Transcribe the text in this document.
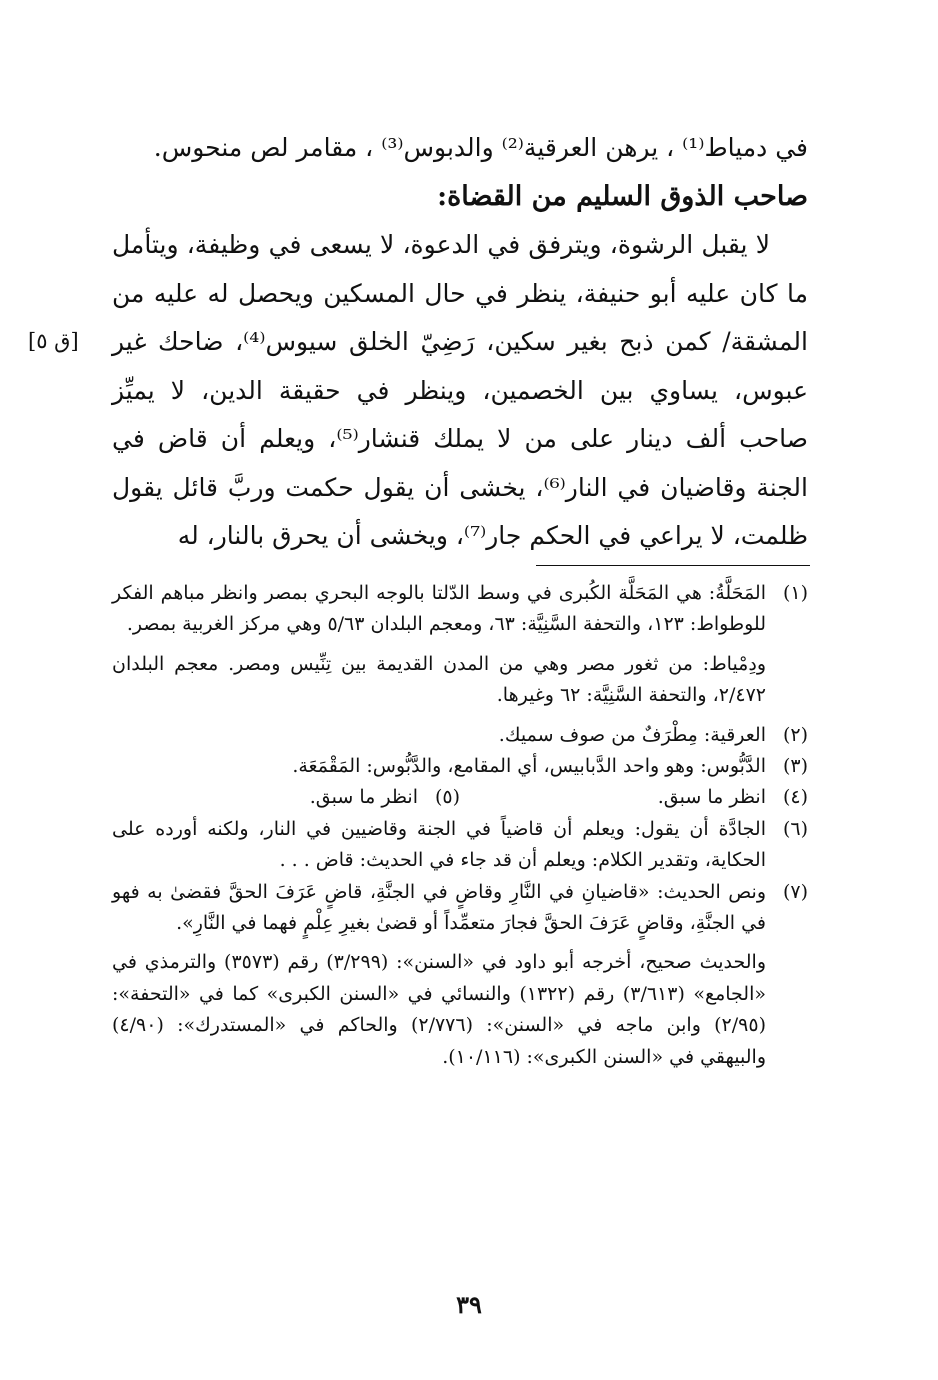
في دمياط⁽¹⁾ ، يرهن العرقية⁽²⁾ والدبوس⁽³⁾ ، مقامر لص منحوس.

صاحب الذوق السليم من القضاة:

لا يقبل الرشوة، ويترفق في الدعوة، لا يسعى في وظيفة، ويتأمل ما كان عليه أبو حنيفة، ينظر في حال المسكين ويحصل له عليه من المشقة/ كمن ذبح بغير سكين، رَضِيّ الخلق سيوس⁽⁴⁾، ضاحك غير عبوس، يساوي بين الخصمين، وينظر في حقيقة الدين، لا يميِّز صاحب ألف دينار على من لا يملك قنشار⁽⁵⁾، ويعلم أن قاض في الجنة وقاضيان في النار⁽⁶⁾، يخشى أن يقول حكمت وربَّ قائل يقول ظلمت، لا يراعي في الحكم جار⁽⁷⁾، ويخشى أن يحرق بالنار، له

[ق ٥]
(١)
المَحَلَّةُ: هي المَحَلَّة الكُبرى في وسط الدّلتا بالوجه البحري بمصر وانظر مباهم الفكر للوطواط: ١٢٣، والتحفة السَّنِيَّة: ٦٣، ومعجم البلدان ٥/٦٣ وهي مركز الغربية بمصر.
ودِمْياط: من ثغور مصر وهي من المدن القديمة بين تِنِّيس ومصر. معجم البلدان ٢/٤٧٢، والتحفة السَّنِيَّة: ٦٢ وغيرها.
(٢)
العرقية: مِطْرَفٌ من صوف سميك.
(٣)
الدَّبُّوس: وهو واحد الدَّبابيس، أي المقامع، والدَّبُّوس: المَقْمَعَة.
(٤)
انظر ما سبق.
(٥)
انظر ما سبق.
(٦)
الجادَّة أن يقول: ويعلم أن قاضياً في الجنة وقاضيين في النار، ولكنه أورده على الحكاية، وتقدير الكلام: ويعلم أن قد جاء في الحديث: قاض . . .
(٧)
ونص الحديث: «قاضيانِ في النَّارِ وقاضٍ في الجنَّةِ، قاضٍ عَرَفَ الحقَّ فقضىٰ به فهو في الجنَّةِ، وقاضٍ عَرَفَ الحقَّ فجارَ متعمِّداً أو قضىٰ بغيرِ عِلْمٍ فهما في النَّارِ».
والحديث صحيح، أخرجه أبو داود في «السنن»: (٣/٢٩٩) رقم (٣٥٧٣) والترمذي في «الجامع» (٣/٦١٣) رقم (١٣٢٢) والنسائي في «السنن الكبرى» كما في «التحفة»: (٢/٩٥) وابن ماجه في «السنن»: (٢/٧٧٦) والحاكم في «المستدرك»: (٤/٩٠) والبيهقي في «السنن الكبرى»: (١٠/١١٦).
٣٩
